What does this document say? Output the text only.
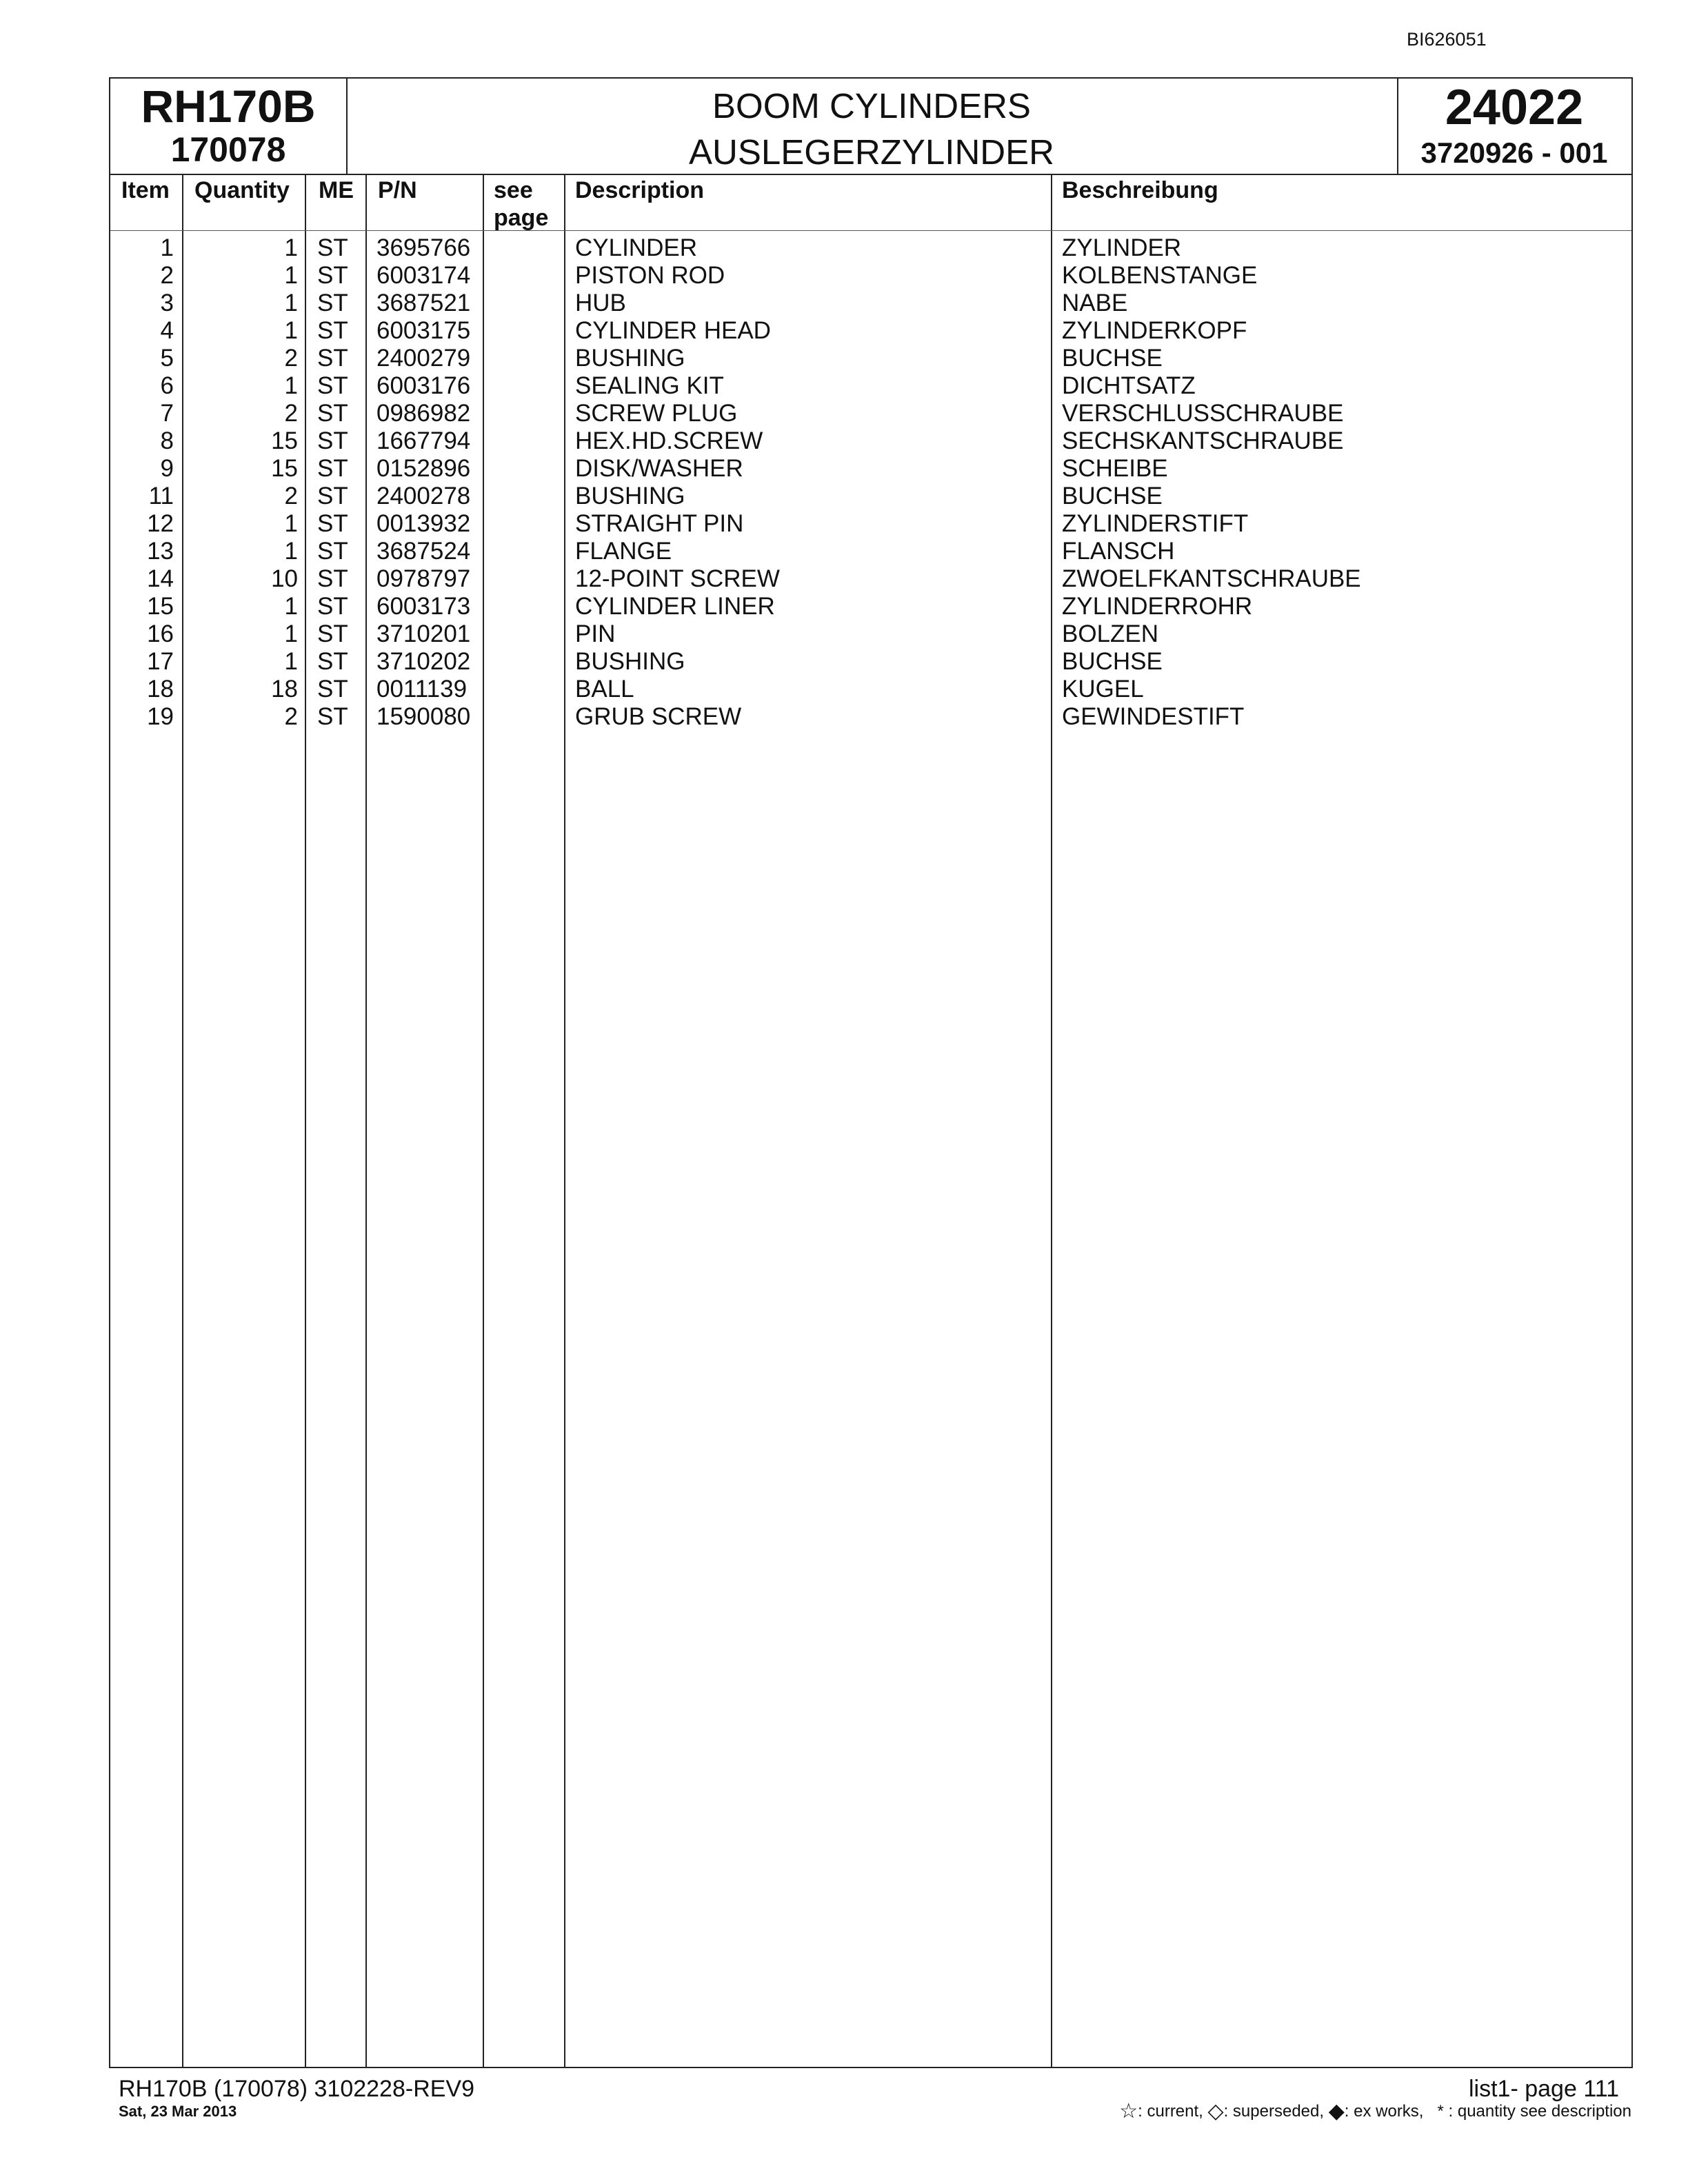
BI626051
RH170B
170078
BOOM CYLINDERS
AUSLEGERZYLINDER
24022
3720926 - 001
Item Quantity ME P/N	see
page
Description	Beschreibung
1	1 ST 3695766	CYLINDER	ZYLINDER
2	1 ST 6003174	PISTON ROD	KOLBENSTANGE
3	1 ST 3687521	HUB	NABE
4	1 ST 6003175	CYLINDER HEAD	ZYLINDERKOPF
5	2 ST 2400279	BUSHING	BUCHSE
6	1 ST 6003176	SEALING KIT	DICHTSATZ
7	2 ST 0986982	SCREW PLUG	VERSCHLUSSCHRAUBE
8	15 ST 1667794	HEX.HD.SCREW	SECHSKANTSCHRAUBE
9	15 ST 0152896	DISK/WASHER	SCHEIBE
11	2 ST 2400278	BUSHING	BUCHSE
12	1 ST 0013932	STRAIGHT PIN	ZYLINDERSTIFT
13	1 ST 3687524	FLANGE	FLANSCH
14	10 ST 0978797	12-POINT SCREW	ZWOELFKANTSCHRAUBE
15	1 ST 6003173	CYLINDER LINER	ZYLINDERROHR
16	1 ST 3710201	PIN	BOLZEN
17	1 ST 3710202	BUSHING	BUCHSE
18	18 ST 0011139	BALL	KUGEL
19	2 ST 1590080	GRUB SCREW	GEWINDESTIFT
RH170B (170078) 3102228-REV9
Sat, 23 Mar 2013
list1- page 111
☆: current, ◇: superseded, ◆: ex works, * : quantity see description
